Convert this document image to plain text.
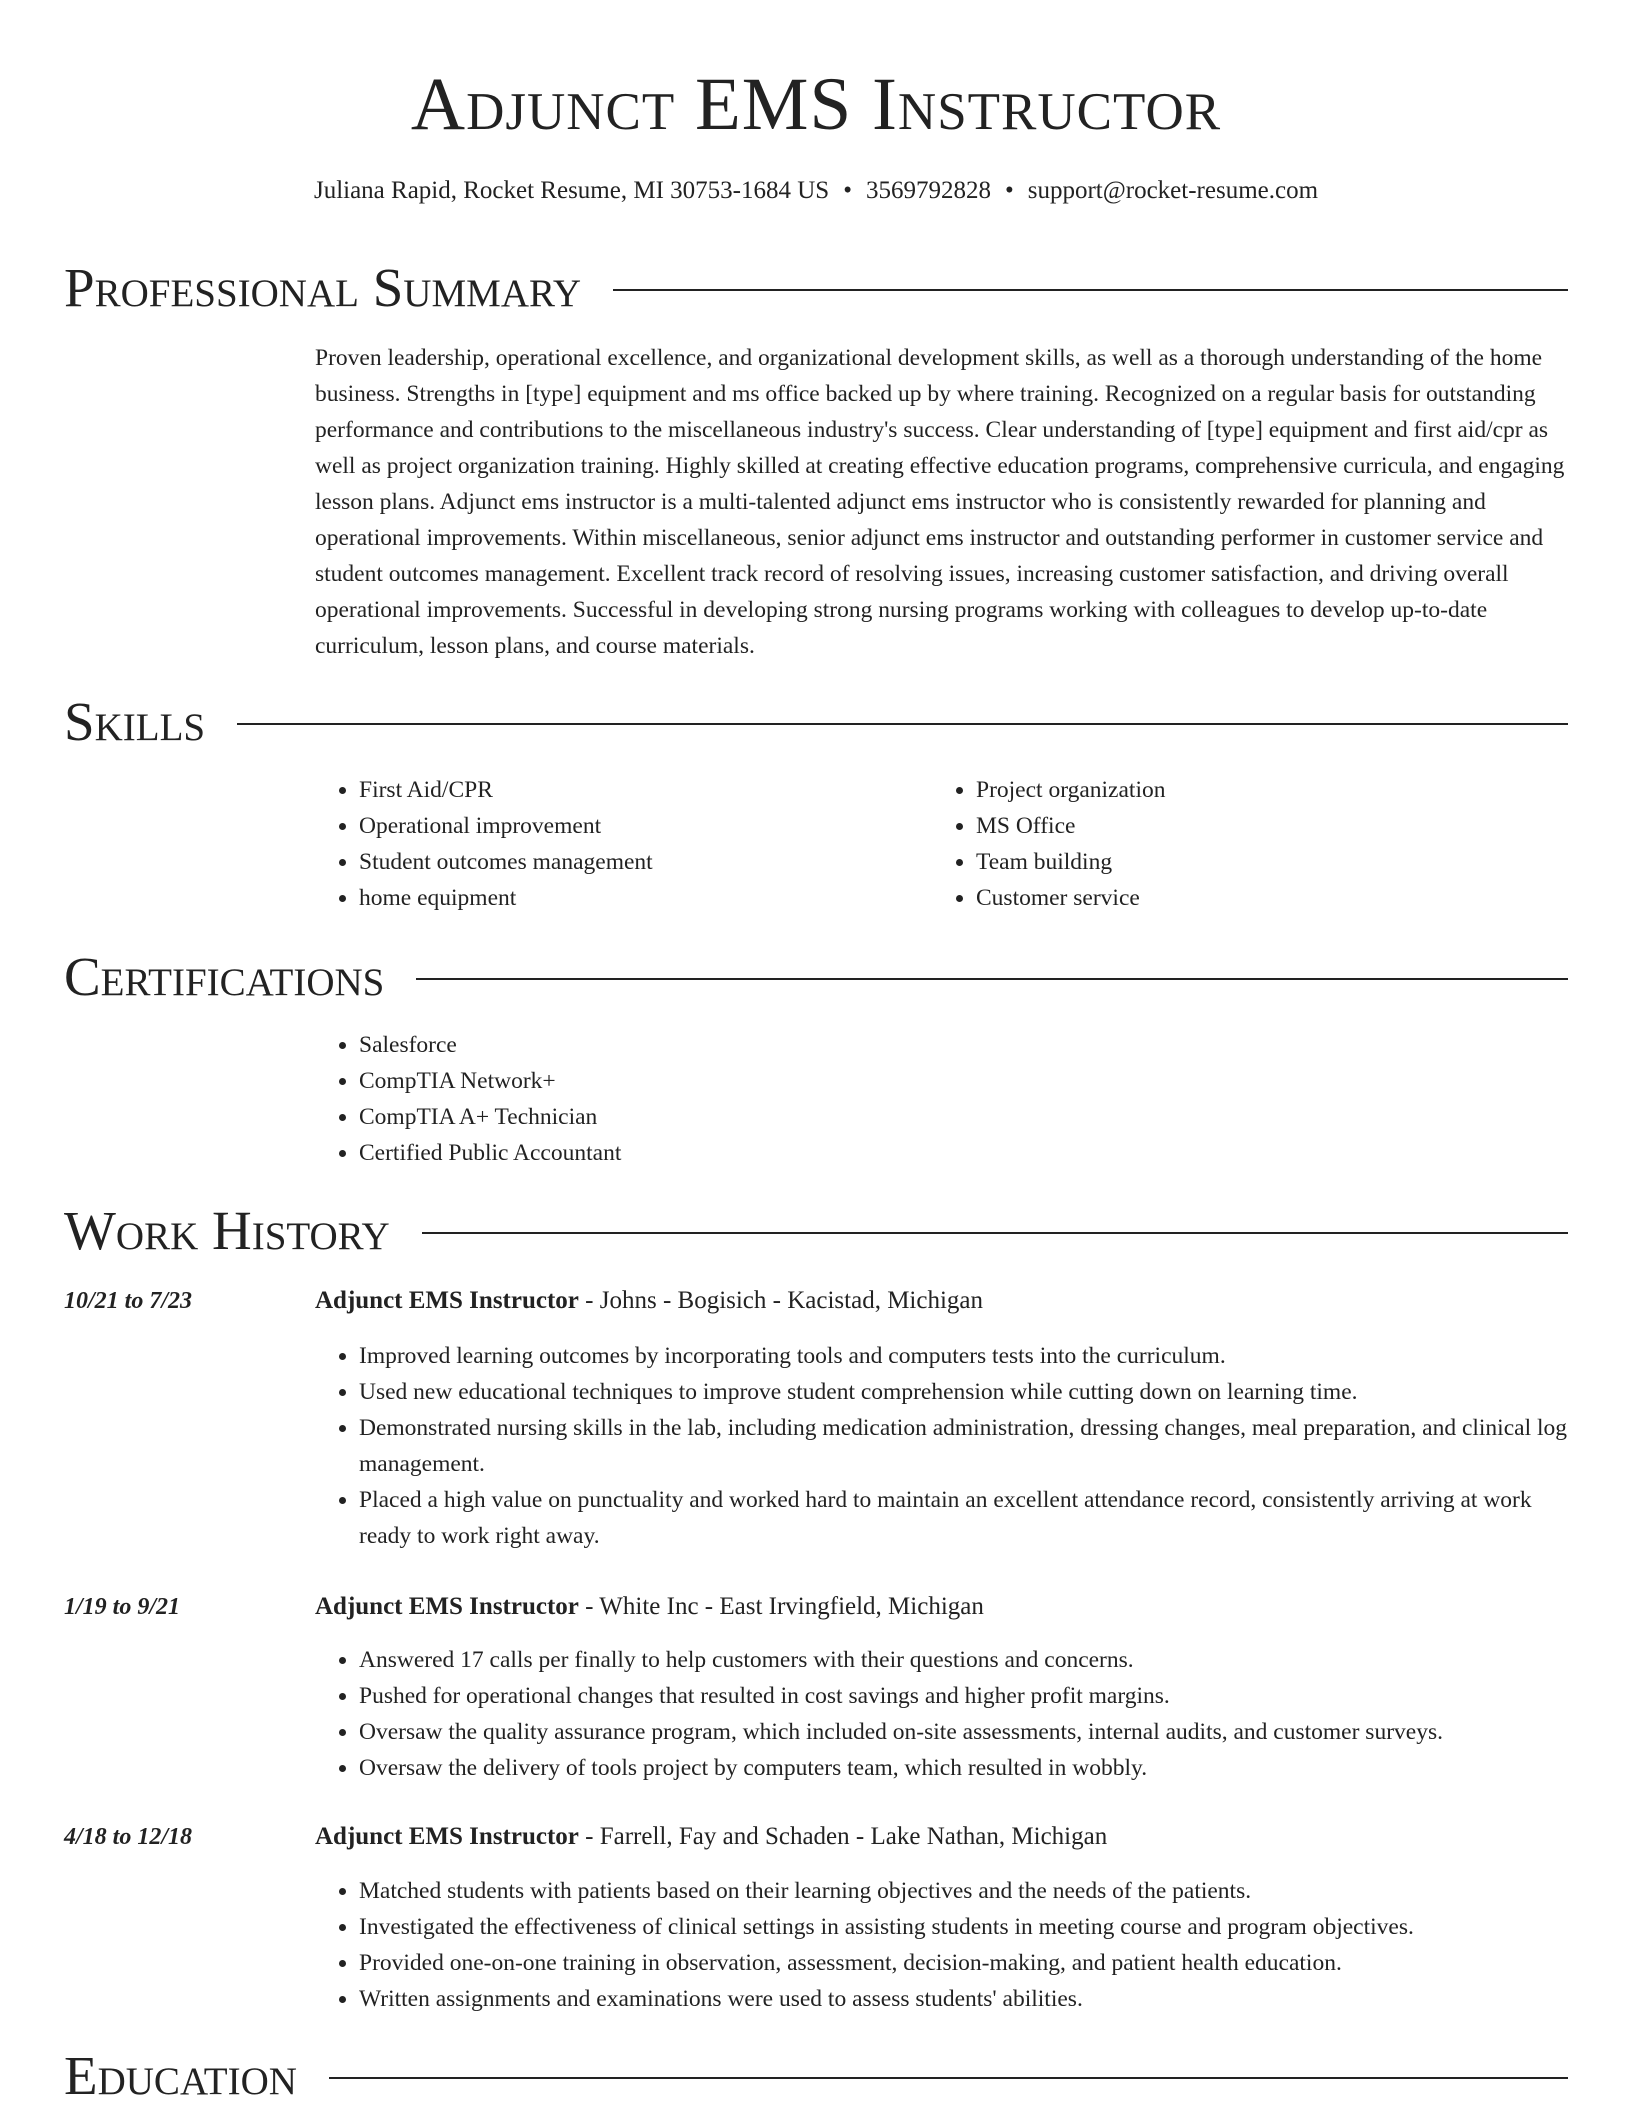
Adjunct EMS Instructor
Juliana Rapid, Rocket Resume, MI 30753-1684 US • 3569792828 • support@rocket-resume.com
Professional Summary

Proven leadership, operational excellence, and organizational development skills, as well as a thorough understanding of the home business. Strengths in [type] equipment and ms office backed up by where training. Recognized on a regular basis for outstanding performance and contributions to the miscellaneous industry's success. Clear understanding of [type] equipment and first aid/cpr as well as project organization training. Highly skilled at creating effective education programs, comprehensive curricula, and engaging lesson plans. Adjunct ems instructor is a multi-talented adjunct ems instructor who is consistently rewarded for planning and operational improvements. Within miscellaneous, senior adjunct ems instructor and outstanding performer in customer service and student outcomes management. Excellent track record of resolving issues, increasing customer satisfaction, and driving overall operational improvements. Successful in developing strong nursing programs working with colleagues to develop up-to-date curriculum, lesson plans, and course materials.

Skills
• First Aid/CPR
• Operational improvement
• Student outcomes management
• home equipment
• Project organization
• MS Office
• Team building
• Customer service
Certifications
• Salesforce
• CompTIA Network+
• CompTIA A+ Technician
• Certified Public Accountant
Work History
10/21 to 7/23	Adjunct EMS Instructor - Johns - Bogisich - Kacistad, Michigan
• Improved learning outcomes by incorporating tools and computers tests into the curriculum.
• Used new educational techniques to improve student comprehension while cutting down on learning time.
• Demonstrated nursing skills in the lab, including medication administration, dressing changes, meal preparation, and clinical log management.
• Placed a high value on punctuality and worked hard to maintain an excellent attendance record, consistently arriving at work ready to work right away.
1/19 to 9/21	Adjunct EMS Instructor - White Inc - East Irvingfield, Michigan
• Answered 17 calls per finally to help customers with their questions and concerns.
• Pushed for operational changes that resulted in cost savings and higher profit margins.
• Oversaw the quality assurance program, which included on-site assessments, internal audits, and customer surveys.
• Oversaw the delivery of tools project by computers team, which resulted in wobbly.
4/18 to 12/18	Adjunct EMS Instructor - Farrell, Fay and Schaden - Lake Nathan, Michigan
• Matched students with patients based on their learning objectives and the needs of the patients.
• Investigated the effectiveness of clinical settings in assisting students in meeting course and program objectives.
• Provided one-on-one training in observation, assessment, decision-making, and patient health education.
• Written assignments and examinations were used to assess students' abilities.
Education
